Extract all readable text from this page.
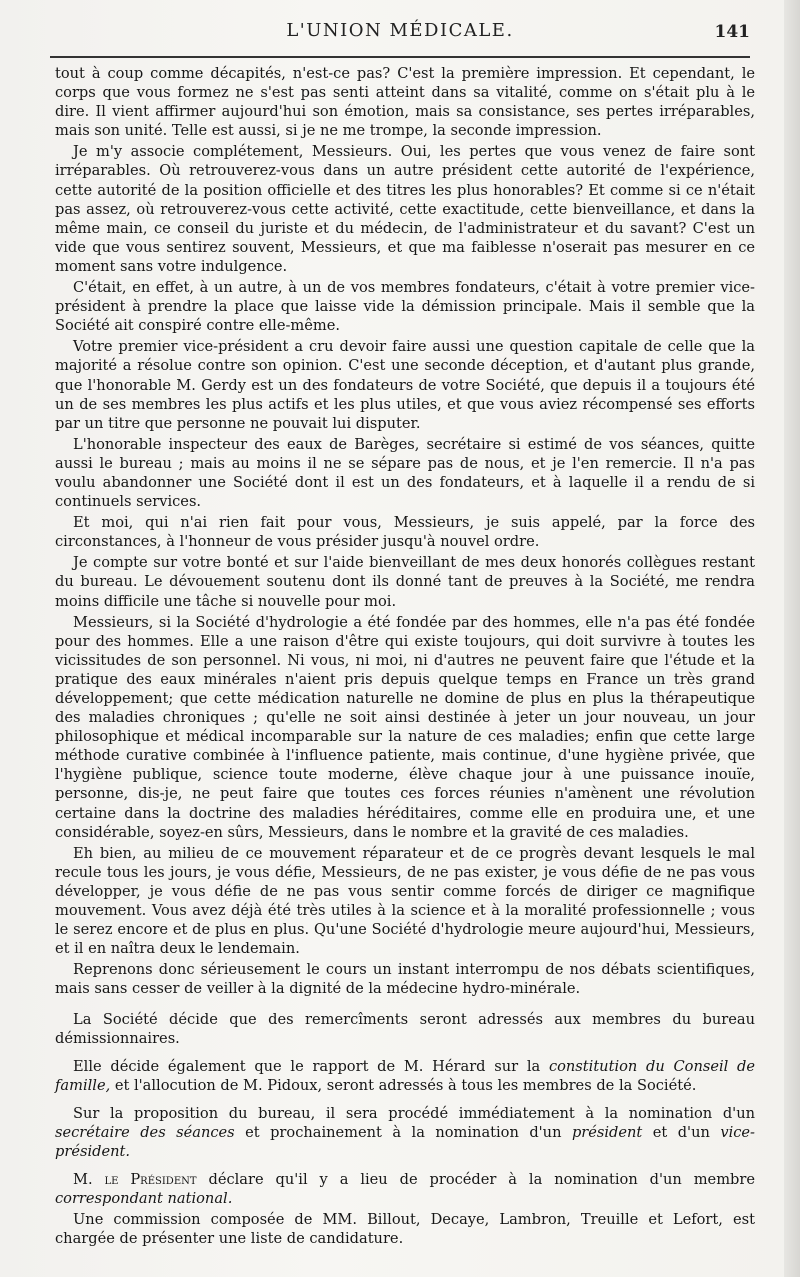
L'UNION MÉDICALE.	141

tout à coup comme décapités, n'est-ce pas? C'est la première impression. Et cependant, le corps que vous formez ne s'est pas senti atteint dans sa vitalité, comme on s'était plu à le dire. Il vient affirmer aujourd'hui son émotion, mais sa consistance, ses pertes irréparables, mais son unité. Telle est aussi, si je ne me trompe, la seconde impression.

Je m'y associe complétement, Messieurs. Oui, les pertes que vous venez de faire sont irréparables. Où retrouverez-vous dans un autre président cette autorité de l'expérience, cette autorité de la position officielle et des titres les plus honorables? Et comme si ce n'était pas assez, où retrouverez-vous cette activité, cette exactitude, cette bienveillance, et dans la même main, ce conseil du juriste et du médecin, de l'administrateur et du savant? C'est un vide que vous sentirez souvent, Messieurs, et que ma faiblesse n'oserait pas mesurer en ce moment sans votre indulgence.

C'était, en effet, à un autre, à un de vos membres fondateurs, c'était à votre premier vice-président à prendre la place que laisse vide la démission principale. Mais il semble que la Société ait conspiré contre elle-même.

Votre premier vice-président a cru devoir faire aussi une question capitale de celle que la majorité a résolue contre son opinion. C'est une seconde déception, et d'autant plus grande, que l'honorable M. Gerdy est un des fondateurs de votre Société, que depuis il a toujours été un de ses membres les plus actifs et les plus utiles, et que vous aviez récompensé ses efforts par un titre que personne ne pouvait lui disputer.

L'honorable inspecteur des eaux de Barèges, secrétaire si estimé de vos séances, quitte aussi le bureau ; mais au moins il ne se sépare pas de nous, et je l'en remercie. Il n'a pas voulu abandonner une Société dont il est un des fondateurs, et à laquelle il a rendu de si continuels services.

Et moi, qui n'ai rien fait pour vous, Messieurs, je suis appelé, par la force des circonstances, à l'honneur de vous présider jusqu'à nouvel ordre.

Je compte sur votre bonté et sur l'aide bienveillant de mes deux honorés collègues restant du bureau. Le dévouement soutenu dont ils donné tant de preuves à la Société, me rendra moins difficile une tâche si nouvelle pour moi.

Messieurs, si la Société d'hydrologie a été fondée par des hommes, elle n'a pas été fondée pour des hommes. Elle a une raison d'être qui existe toujours, qui doit survivre à toutes les vicissitudes de son personnel. Ni vous, ni moi, ni d'autres ne peuvent faire que l'étude et la pratique des eaux minérales n'aient pris depuis quelque temps en France un très grand développement; que cette médication naturelle ne domine de plus en plus la thérapeutique des maladies chroniques ; qu'elle ne soit ainsi destinée à jeter un jour nouveau, un jour philosophique et médical incomparable sur la nature de ces maladies; enfin que cette large méthode curative combinée à l'influence patiente, mais continue, d'une hygiène privée, que l'hygiène publique, science toute moderne, élève chaque jour à une puissance inouïe, personne, dis-je, ne peut faire que toutes ces forces réunies n'amènent une révolution certaine dans la doctrine des maladies héréditaires, comme elle en produira une, et une considérable, soyez-en sûrs, Messieurs, dans le nombre et la gravité de ces maladies.

Eh bien, au milieu de ce mouvement réparateur et de ce progrès devant lesquels le mal recule tous les jours, je vous défie, Messieurs, de ne pas exister, je vous défie de ne pas vous développer, je vous défie de ne pas vous sentir comme forcés de diriger ce magnifique mouvement. Vous avez déjà été très utiles à la science et à la moralité professionnelle ; vous le serez encore et de plus en plus. Qu'une Société d'hydrologie meure aujourd'hui, Messieurs, et il en naîtra deux le lendemain.

Reprenons donc sérieusement le cours un instant interrompu de nos débats scientifiques, mais sans cesser de veiller à la dignité de la médecine hydro-minérale.

La Société décide que des remercîments seront adressés aux membres du bureau démissionnaires.

Elle décide également que le rapport de M. Hérard sur la constitution du Conseil de famille, et l'allocution de M. Pidoux, seront adressés à tous les membres de la Société.

Sur la proposition du bureau, il sera procédé immédiatement à la nomination d'un secrétaire des séances et prochainement à la nomination d'un président et d'un vice-président.

M. le Président déclare qu'il y a lieu de procéder à la nomination d'un membre correspondant national.

Une commission composée de MM. Billout, Decaye, Lambron, Treuille et Lefort, est chargée de présenter une liste de candidature.
